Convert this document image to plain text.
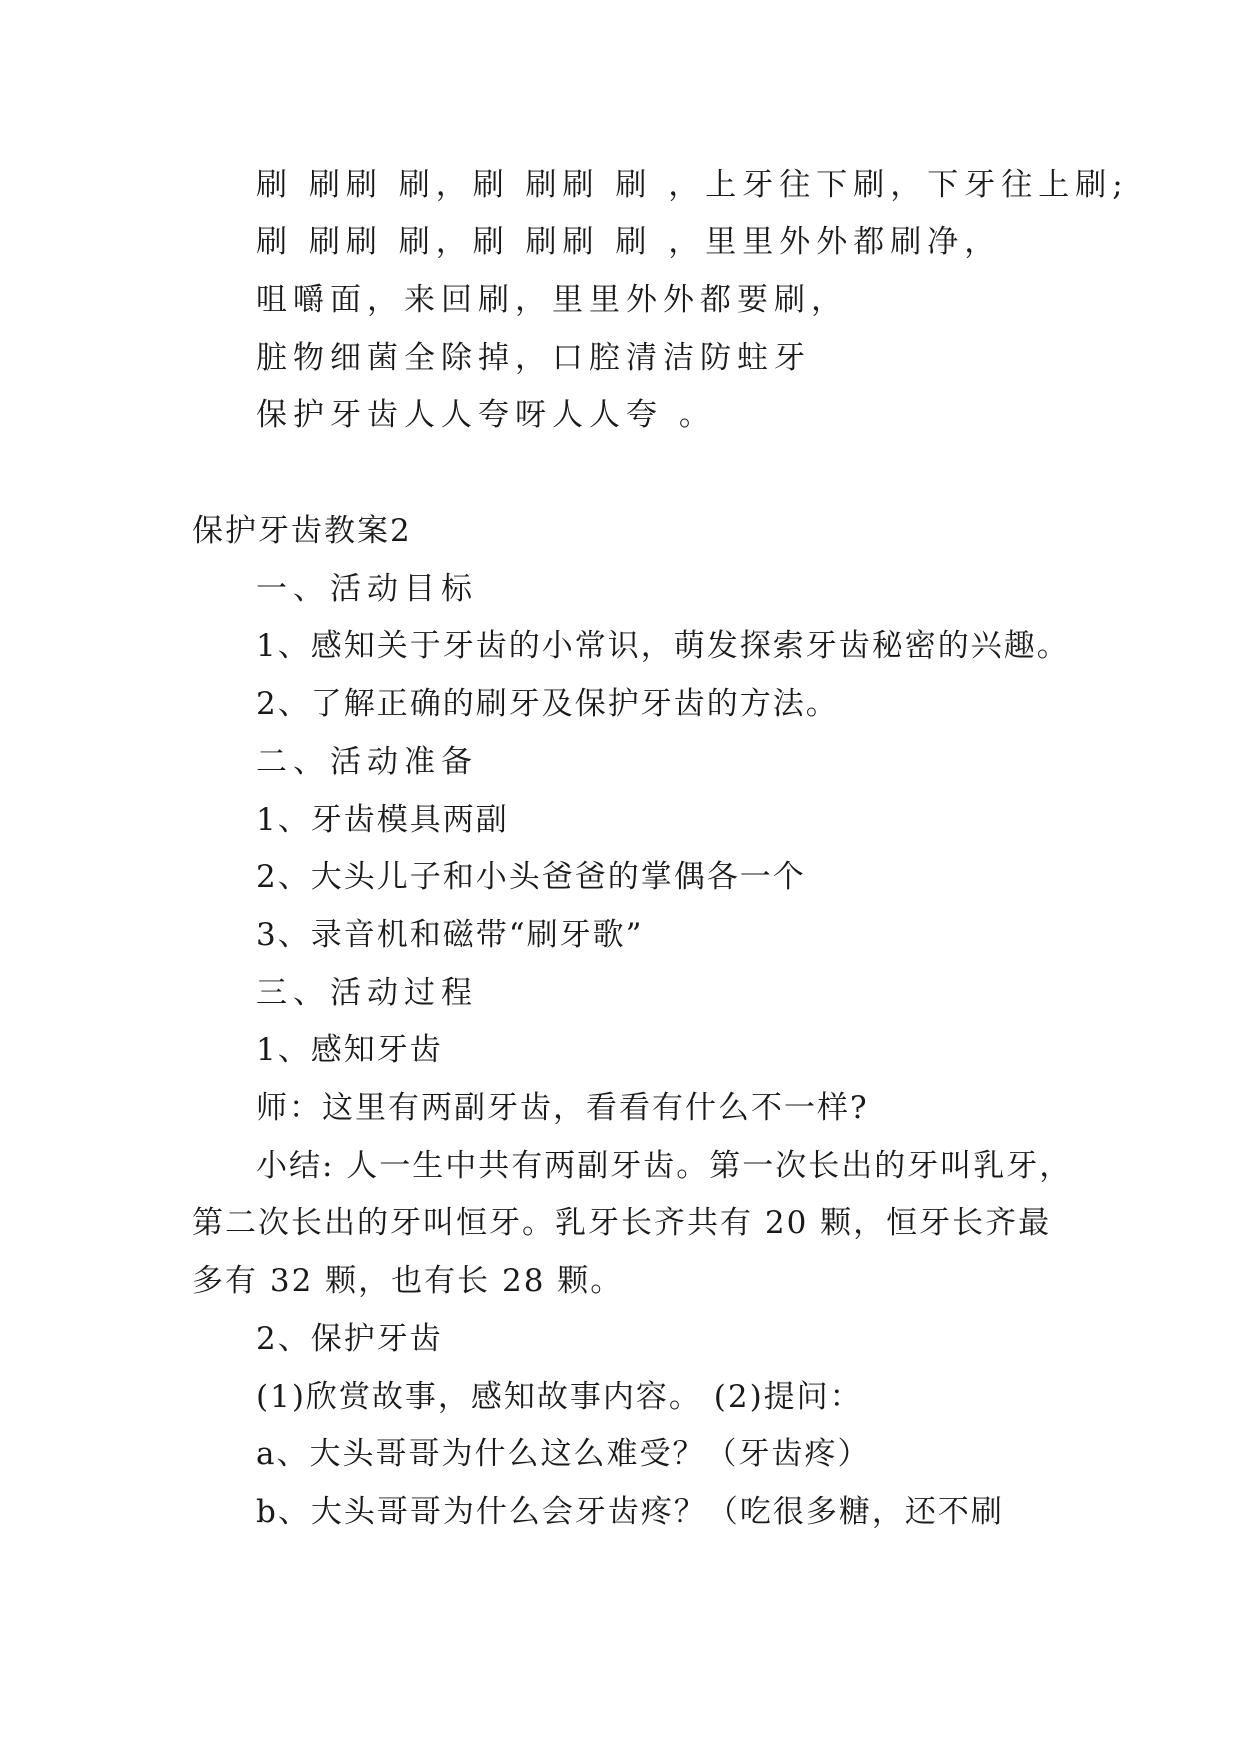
刷 刷刷 刷，刷 刷刷 刷 ，上牙往下刷，下牙往上刷;
刷 刷刷 刷，刷 刷刷 刷 ，里里外外都刷净，
咀嚼面，来回刷，里里外外都要刷，
脏物细菌全除掉，口腔清洁防蛀牙
保护牙齿人人夸呀人人夸 。
保护牙齿教案2
一、活动目标
1、感知关于牙齿的小常识，萌发探索牙齿秘密的兴趣。
2、了解正确的刷牙及保护牙齿的方法。
二、活动准备
1、牙齿模具两副
2、大头儿子和小头爸爸的掌偶各一个
3、录音机和磁带“刷牙歌”
三、活动过程
1、感知牙齿
师：这里有两副牙齿，看看有什么不一样?
小结: 人一生中共有两副牙齿。第一次长出的牙叫乳牙，
第二次长出的牙叫恒牙。乳牙长齐共有 20 颗，恒牙长齐最
多有 32 颗，也有长 28 颗。
2、保护牙齿
(1)欣赏故事，感知故事内容。 (2)提问：
a、大头哥哥为什么这么难受？（牙齿疼）
b、大头哥哥为什么会牙齿疼？（吃很多糖，还不刷
